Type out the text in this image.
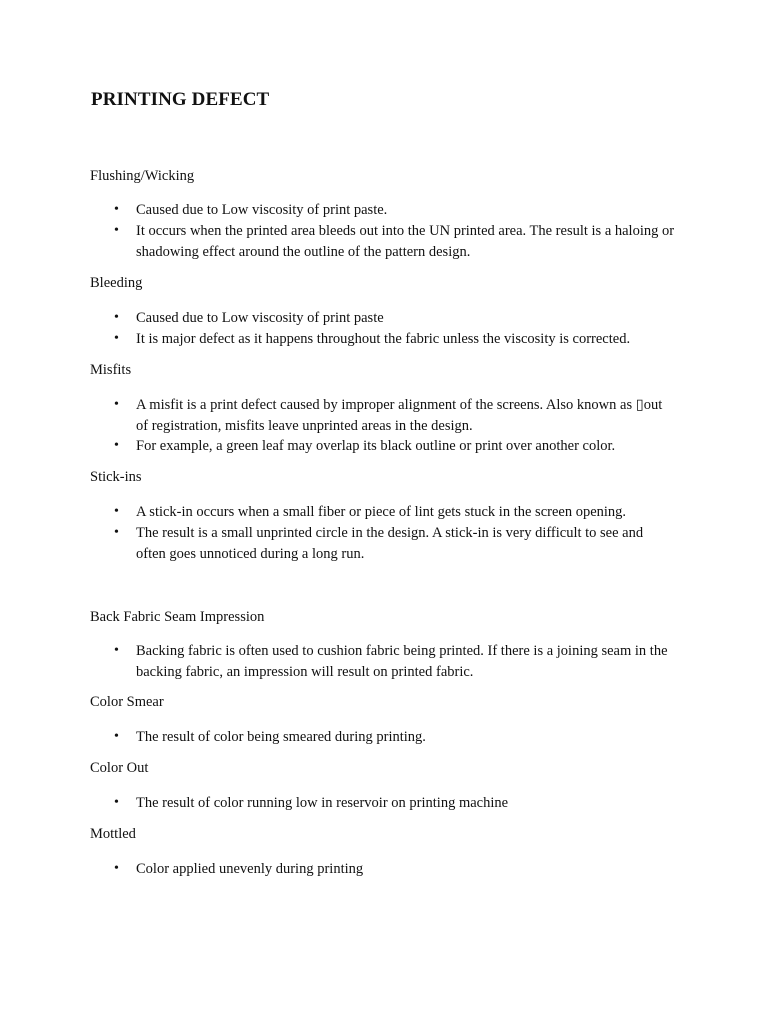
PRINTING DEFECT
Flushing/Wicking
• Caused due to Low viscosity of print paste.
• It occurs when the printed area bleeds out into the UN printed area. The result is a haloing or shadowing effect around the outline of the pattern design.
Bleeding
• Caused due to Low viscosity of print paste
• It is major defect as it happens throughout the fabric unless the viscosity is corrected.
Misfits
• A misfit is a print defect caused by improper alignment of the screens. Also known as ▯out of registration, misfits leave unprinted areas in the design.
• For example, a green leaf may overlap its black outline or print over another color.
Stick-ins
• A stick-in occurs when a small fiber or piece of lint gets stuck in the screen opening.
• The result is a small unprinted circle in the design. A stick-in is very difficult to see and often goes unnoticed during a long run.
Back Fabric Seam Impression
• Backing fabric is often used to cushion fabric being printed. If there is a joining seam in the backing fabric, an impression will result on printed fabric.
Color Smear
• The result of color being smeared during printing.
Color Out
• The result of color running low in reservoir on printing machine
Mottled
• Color applied unevenly during printing
